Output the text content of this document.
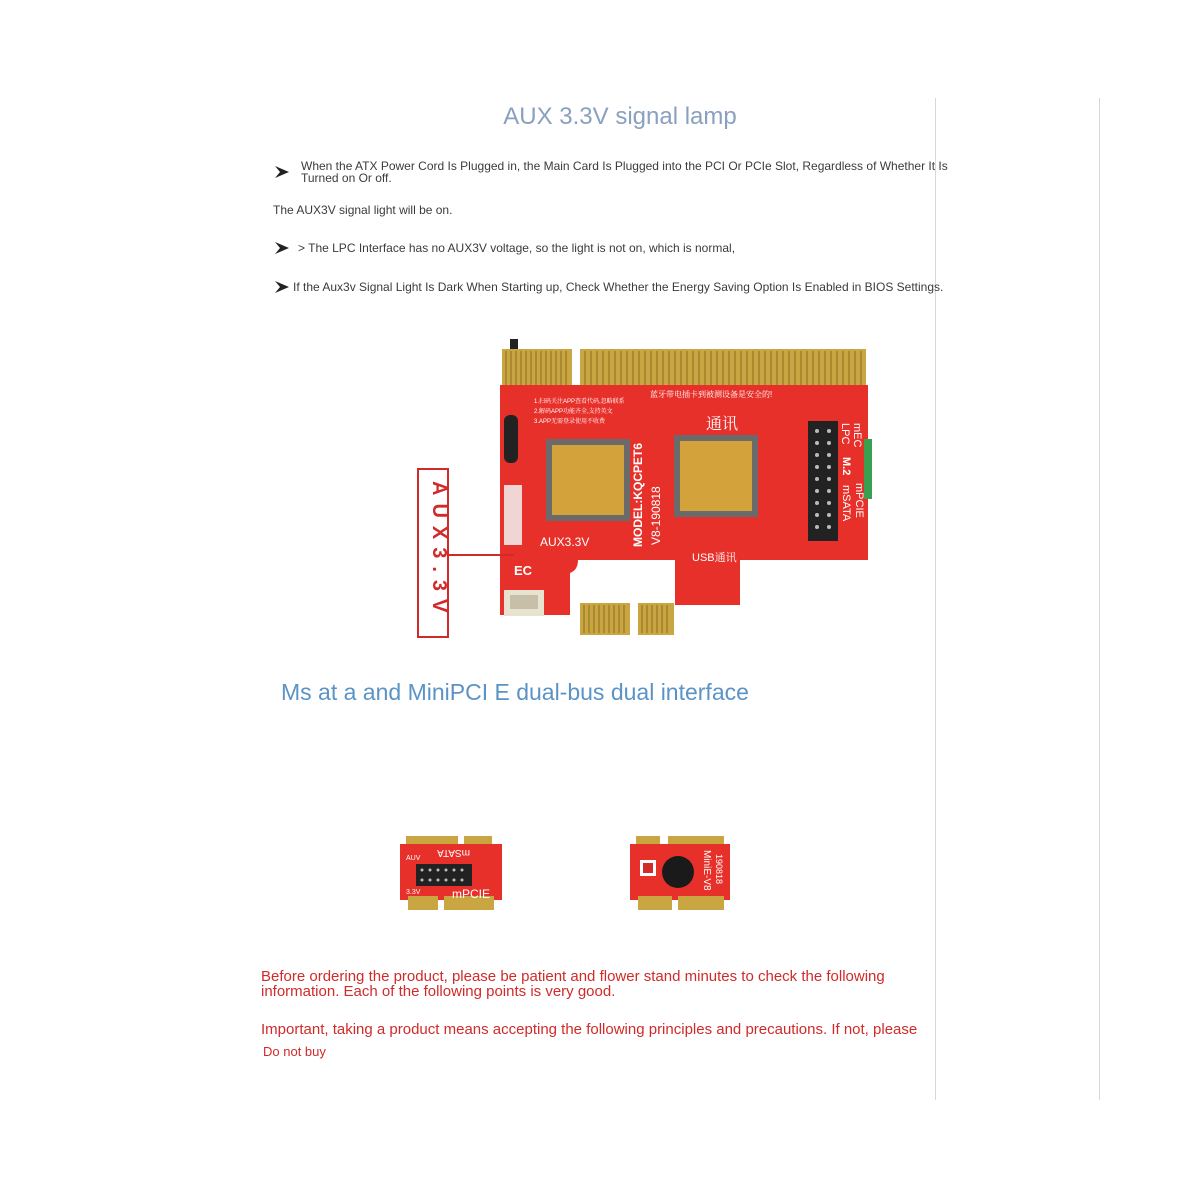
AUX 3.3V signal lamp
When the ATX Power Cord Is Plugged in, the Main Card Is Plugged into the PCI Or PCIe Slot, Regardless of Whether It Is
Turned on Or off.
The AUX3V signal light will be on.
> The LPC Interface has no AUX3V voltage, so the light is not on, which is normal,
If the Aux3v Signal Light Is Dark When Starting up, Check Whether the Energy Saving Option Is Enabled in BIOS Settings.
MODEL:KQCPET6 V8-190818
AUX3.3V
EC
PCI-E
USB通讯
通讯
蓝牙带电插卡到被测设备是安全的!
1.扫码关注APP查看代码,忽略联系
2.解码APP功能齐全,支持英文
3.APP无需登录使用不收费
mEC
LPC
M.2
mPCIE
mSATA
AUX3.3V
Ms at a and MiniPCI E dual-bus dual interface
AUV
3.3V
mSATA
mPCIE
MiniE-V8 190818
Before ordering the product, please be patient and flower stand minutes to check the following
information. Each of the following points is very good.
Important, taking a product means accepting the following principles and precautions. If not, please
Do not buy
